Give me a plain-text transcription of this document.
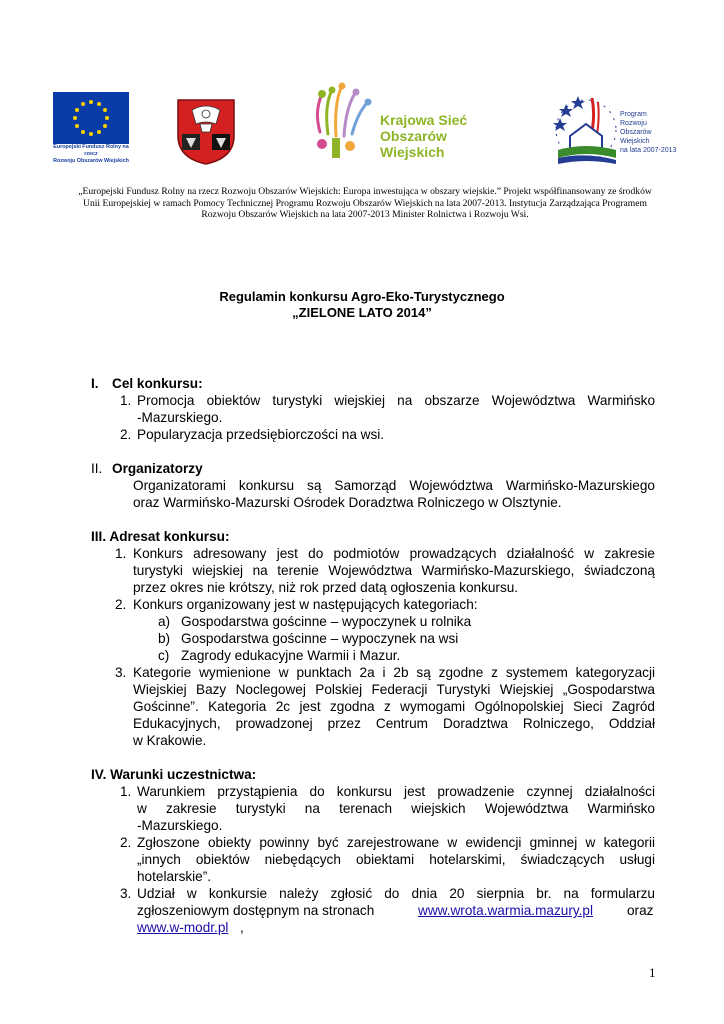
Europejski Fundusz Rolny na rzecz
Rozwoju Obszarów Wiejskich
Krajowa Sieć
Obszarów Wiejskich
Program
Rozwoju
Obszarów
Wiejskich
na lata 2007-2013
„Europejski Fundusz Rolny na rzecz Rozwoju Obszarów Wiejskich: Europa inwestująca w obszary wiejskie.” Projekt współfinansowany ze środków
Unii Europejskiej w ramach Pomocy Technicznej Programu Rozwoju Obszarów Wiejskich na lata 2007-2013. Instytucja Zarządzająca Programem
Rozwoju Obszarów Wiejskich na lata 2007-2013 Minister Rolnictwa i Rozwoju Wsi.
Regulamin konkursu Agro-Eko-Turystycznego
„ZIELONE LATO 2014”
I. Cel konkursu:
1. Promocja obiektów turystyki wiejskiej na obszarze Województwa Warmińsko
-Mazurskiego.
2. Popularyzacja przedsiębiorczości na wsi.
II. Organizatorzy
Organizatorami konkursu są Samorząd Województwa Warmińsko-Mazurskiego
oraz Warmińsko-Mazurski Ośrodek Doradztwa Rolniczego w Olsztynie.
III. Adresat konkursu:
1. Konkurs adresowany jest do podmiotów prowadzących działalność w zakresie
turystyki wiejskiej na terenie Województwa Warmińsko-Mazurskiego, świadczoną
przez okres nie krótszy, niż rok przed datą ogłoszenia konkursu.
2. Konkurs organizowany jest w następujących kategoriach:
a) Gospodarstwa gościnne – wypoczynek u rolnika
b) Gospodarstwa gościnne – wypoczynek na wsi
c) Zagrody edukacyjne Warmii i Mazur.
3. Kategorie wymienione w punktach 2a i 2b są zgodne z systemem kategoryzacji
Wiejskiej Bazy Noclegowej Polskiej Federacji Turystyki Wiejskiej „Gospodarstwa
Gościnne”. Kategoria 2c jest zgodna z wymogami Ogólnopolskiej Sieci Zagród
Edukacyjnych, prowadzonej przez Centrum Doradztwa Rolniczego, Oddział
w Krakowie.
IV. Warunki uczestnictwa:
1. Warunkiem przystąpienia do konkursu jest prowadzenie czynnej działalności
w zakresie turystyki na terenach wiejskich Województwa Warmińsko
-Mazurskiego.
2. Zgłoszone obiekty powinny być zarejestrowane w ewidencji gminnej w kategorii
„innych obiektów niebędących obiektami hotelarskimi, świadczących usługi
hotelarskie”.
3. Udział w konkursie należy zgłosić do dnia 20 sierpnia br. na formularzu
zgłoszeniowym dostępnym na stronach	www.wrota.warmia.mazury.pl	oraz
www.w-modr.pl ,
1
